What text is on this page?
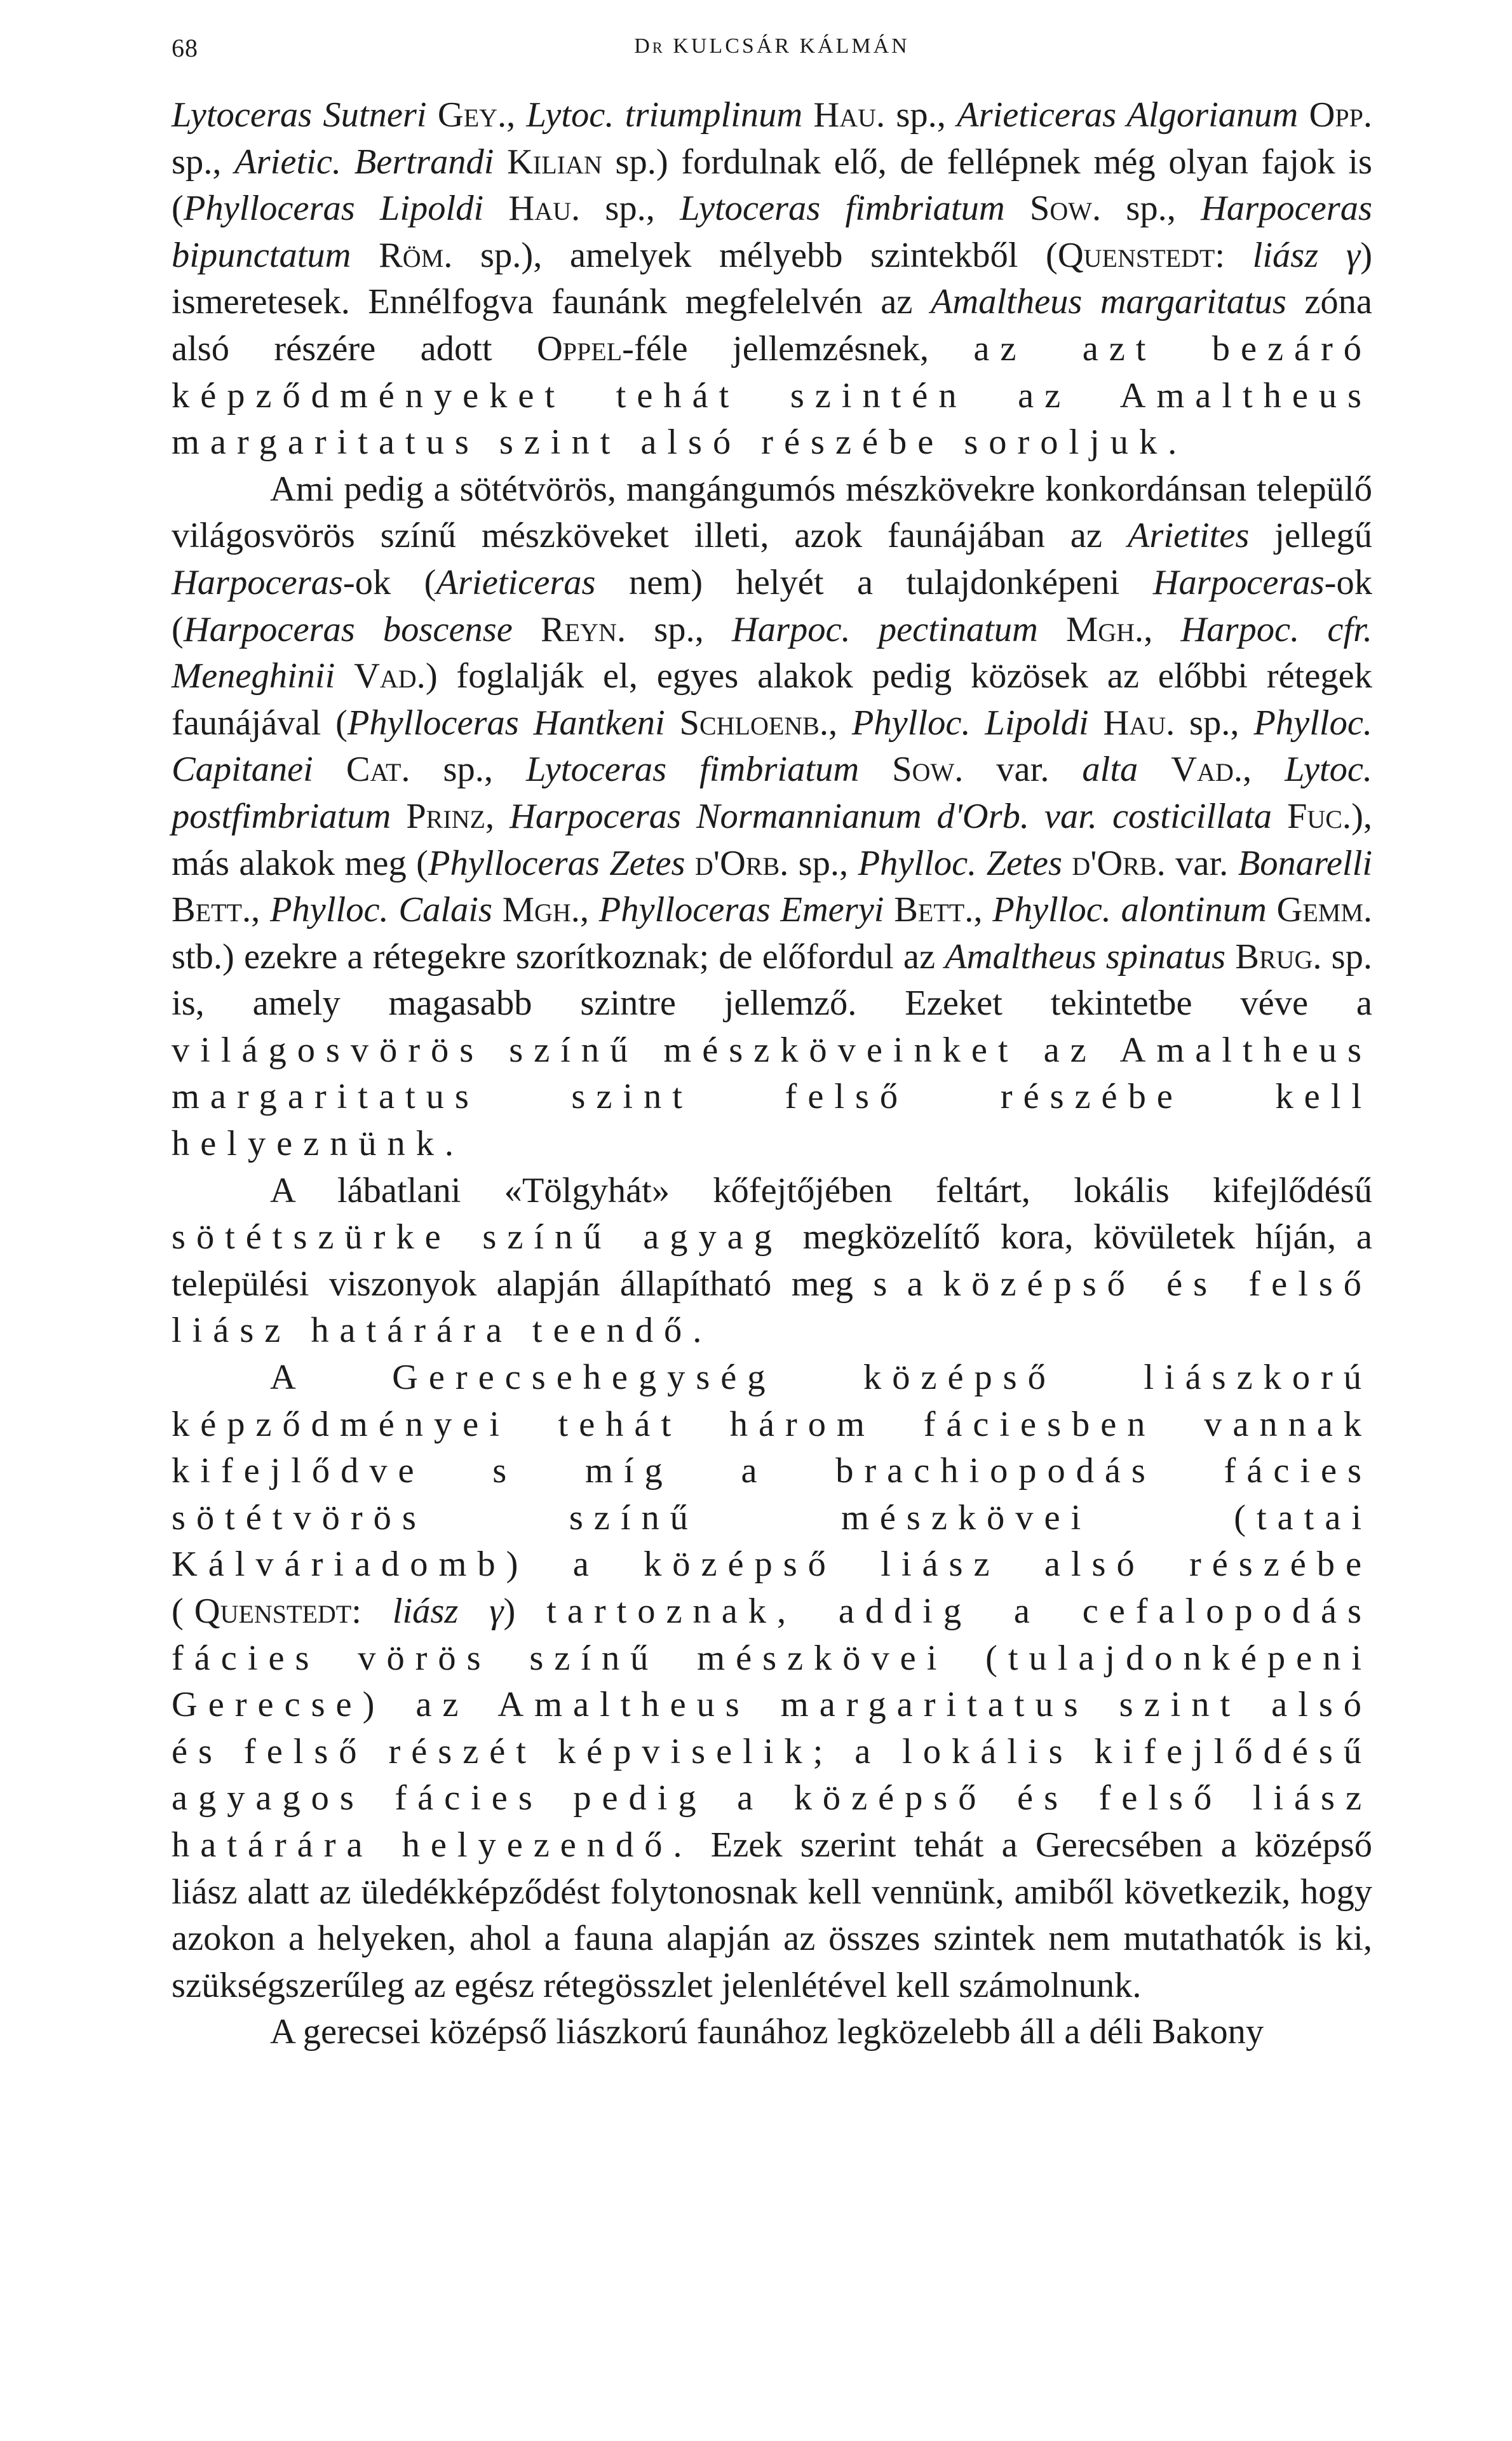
68	Dr KULCSÁR KÁLMÁN

Lytoceras Sutneri Gey., Lytoc. triumplinum Hau. sp., Arieticeras Algorianum Opp. sp., Arietic. Bertrandi Kilian sp.) fordulnak elő, de fellépnek még olyan fajok is (Phylloceras Lipoldi Hau. sp., Lytoceras fimbriatum Sow. sp., Harpoceras bipunctatum Röm. sp.), amelyek mélyebb szintekből (Quenstedt: liász γ) ismeretesek. Ennélfogva faunánk megfelelvén az Amaltheus margaritatus zóna alsó részére adott Oppel-féle jellemzésnek, az azt bezáró képződményeket tehát szintén az Amaltheus margaritatus szint alsó részébe soroljuk.

Ami pedig a sötétvörös, mangángumós mészkövekre konkordánsan települő világosvörös színű mészköveket illeti, azok faunájában az Arietites jellegű Harpoceras-ok (Arieticeras nem) helyét a tulajdonképeni Harpoceras-ok (Harpoceras boscense Reyn. sp., Harpoc. pectinatum Mgh., Harpoc. cfr. Meneghinii Vad.) foglalják el, egyes alakok pedig közösek az előbbi rétegek faunájával (Phylloceras Hantkeni Schloenb., Phylloc. Lipoldi Hau. sp., Phylloc. Capitanei Cat. sp., Lytoceras fimbriatum Sow. var. alta Vad., Lytoc. postfimbriatum Prinz, Harpoceras Normannianum d'Orb. var. costicillata Fuc.), más alakok meg (Phylloceras Zetes d'Orb. sp., Phylloc. Zetes d'Orb. var. Bonarelli Bett., Phylloc. Calais Mgh., Phylloceras Emeryi Bett., Phylloc. alontinum Gemm. stb.) ezekre a rétegekre szorítkoznak; de előfordul az Amaltheus spinatus Brug. sp. is, amely magasabb szintre jellemző. Ezeket tekintetbe véve a világosvörös színű mészköveinket az Amaltheus margaritatus szint felső részébe kell helyeznünk.

A lábatlani «Tölgyhát» kőfejtőjében feltárt, lokális kifejlődésű sötétszürke színű agyag megközelítő kora, kövületek híján, a települési viszonyok alapján állapítható meg s a középső és felső liász határára teendő.

A Gerecsehegység középső liászkorú képződményei tehát három fáciesben vannak kifejlődve s míg a brachiopodás fácies sötétvörös színű mészkövei (tatai Kálváriadomb) a középső liász alsó részébe (Quenstedt: liász γ) tartoznak, addig a cefalopodás fácies vörös színű mészkövei (tulajdonképeni Gerecse) az Amaltheus margaritatus szint alsó és felső részét képviselik; a lokális kifejlődésű agyagos fácies pedig a középső és felső liász határára helyezendő. Ezek szerint tehát a Gerecsében a középső liász alatt az üledékképződést folytonosnak kell vennünk, amiből következik, hogy azokon a helyeken, ahol a fauna alapján az összes szintek nem mutathatók is ki, szükségszerűleg az egész rétegösszlet jelenlétével kell számolnunk.

A gerecsei középső liászkorú faunához legközelebb áll a déli Bakony
